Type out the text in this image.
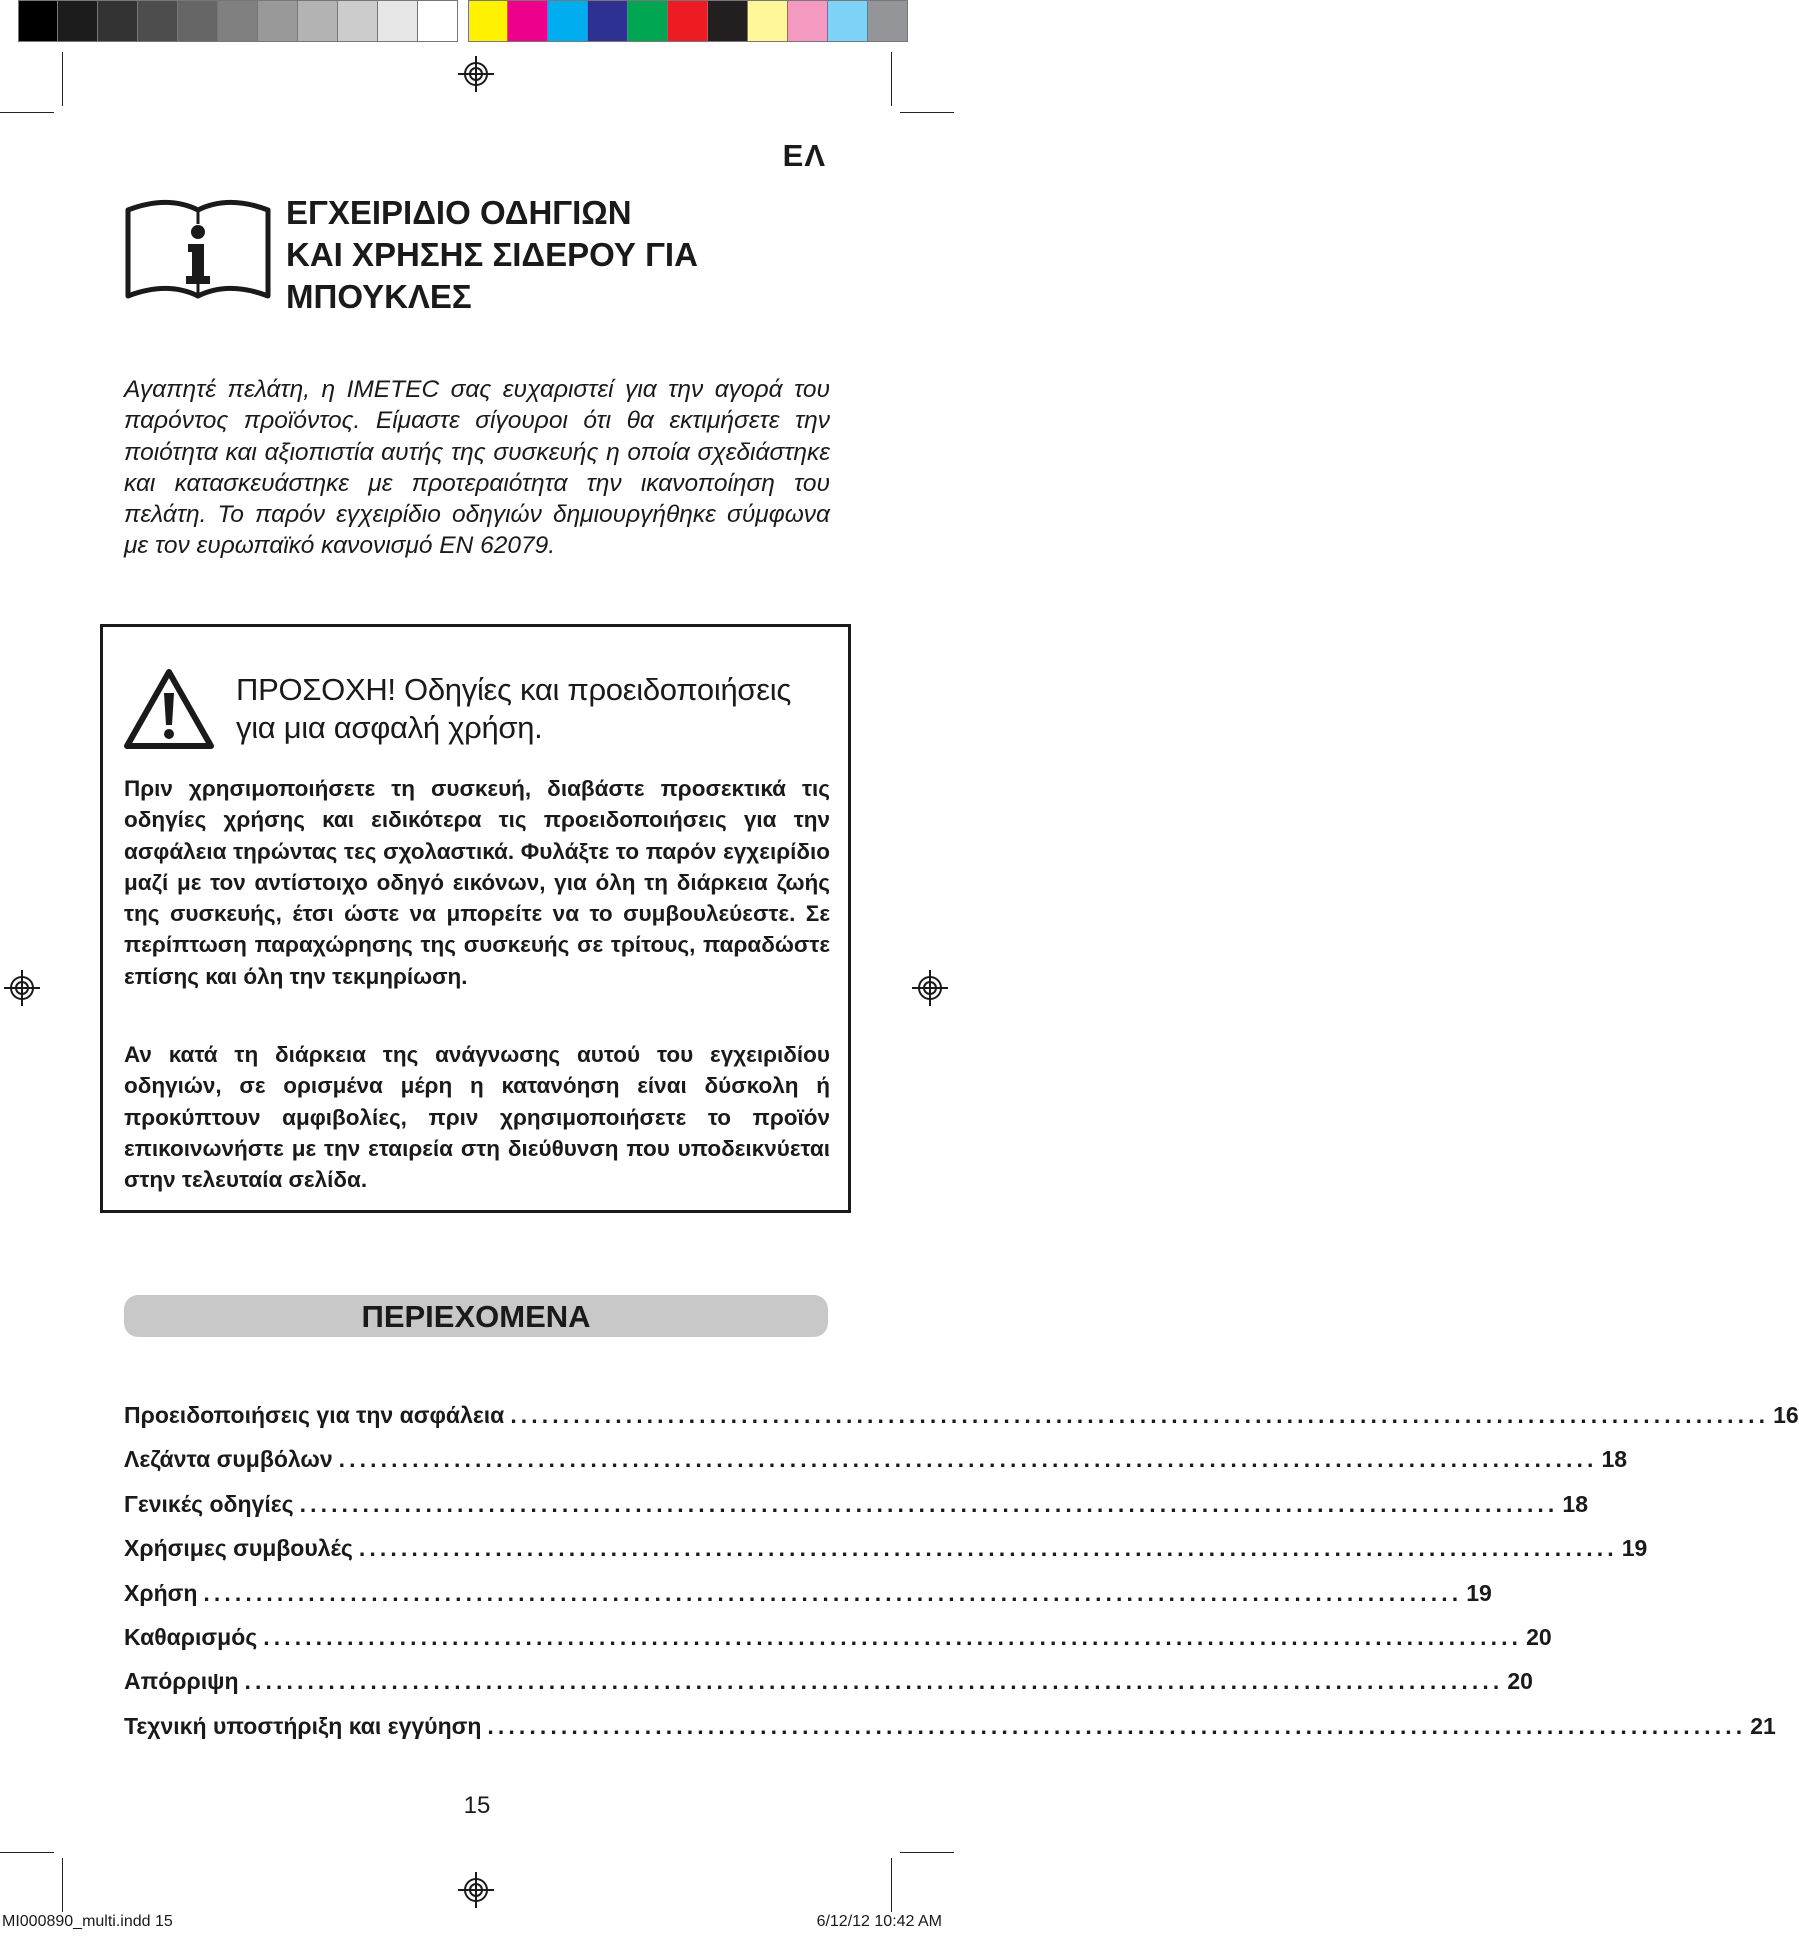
ΕΛ
ΕΓΧΕΙΡΙΔΙΟ ΟΔΗΓΙΩΝ
ΚΑΙ ΧΡΗΣΗΣ ΣΙΔΕΡΟΥ ΓΙΑ
ΜΠΟΥΚΛΕΣ
Αγαπητέ πελάτη, η IMETEC σας ευχαριστεί για την αγορά του παρόντος προϊόντος. Είμαστε σίγουροι ότι θα εκτιμήσετε την ποιότητα και αξιοπιστία αυτής της συσκευής η οποία σχεδιάστηκε και κατασκευάστηκε με προτεραιότητα την ικανοποίηση του πελάτη. Το παρόν εγχειρίδιο οδηγιών δημιουργήθηκε σύμφωνα με τον ευρωπαϊκό κανονισμό EN 62079.
ΠΡΟΣΟΧΗ! Οδηγίες και προειδοποιήσεις
για μια ασφαλή χρήση.
Πριν χρησιμοποιήσετε τη συσκευή, διαβάστε προσεκτικά τις οδηγίες χρήσης και ειδικότερα τις προειδοποιήσεις για την ασφάλεια τηρώντας τες σχολαστικά. Φυλάξτε το παρόν εγχειρίδιο μαζί με τον αντίστοιχο οδηγό εικόνων, για όλη τη διάρκεια ζωής της συσκευής, έτσι ώστε να μπορείτε να το συμβουλεύεστε. Σε περίπτωση παραχώρησης της συσκευής σε τρίτους, παραδώστε επίσης και όλη την τεκμηρίωση.
Αν κατά τη διάρκεια της ανάγνωσης αυτού του εγχειριδίου οδηγιών, σε ορισμένα μέρη η κατανόηση είναι δύσκολη ή προκύπτουν αμφιβολίες, πριν χρησιμοποιήσετε το προϊόν επικοινωνήστε με την εταιρεία στη διεύθυνση που υποδεικνύεται στην τελευταία σελίδα.
ΠΕΡΙΕΧΟΜΕΝΑ
Προειδοποιήσεις για την ασφάλεια ........................................................................................................................ 16
Λεζάντα συμβόλων ........................................................................................................................ 18
Γενικές οδηγίες ........................................................................................................................ 18
Χρήσιμες συμβουλές ........................................................................................................................ 19
Χρήση ........................................................................................................................ 19
Καθαρισμός ........................................................................................................................ 20
Απόρριψη ........................................................................................................................ 20
Τεχνική υποστήριξη και εγγύηση ........................................................................................................................ 21
15
MI000890_multi.indd 15	6/12/12 10:42 AM
